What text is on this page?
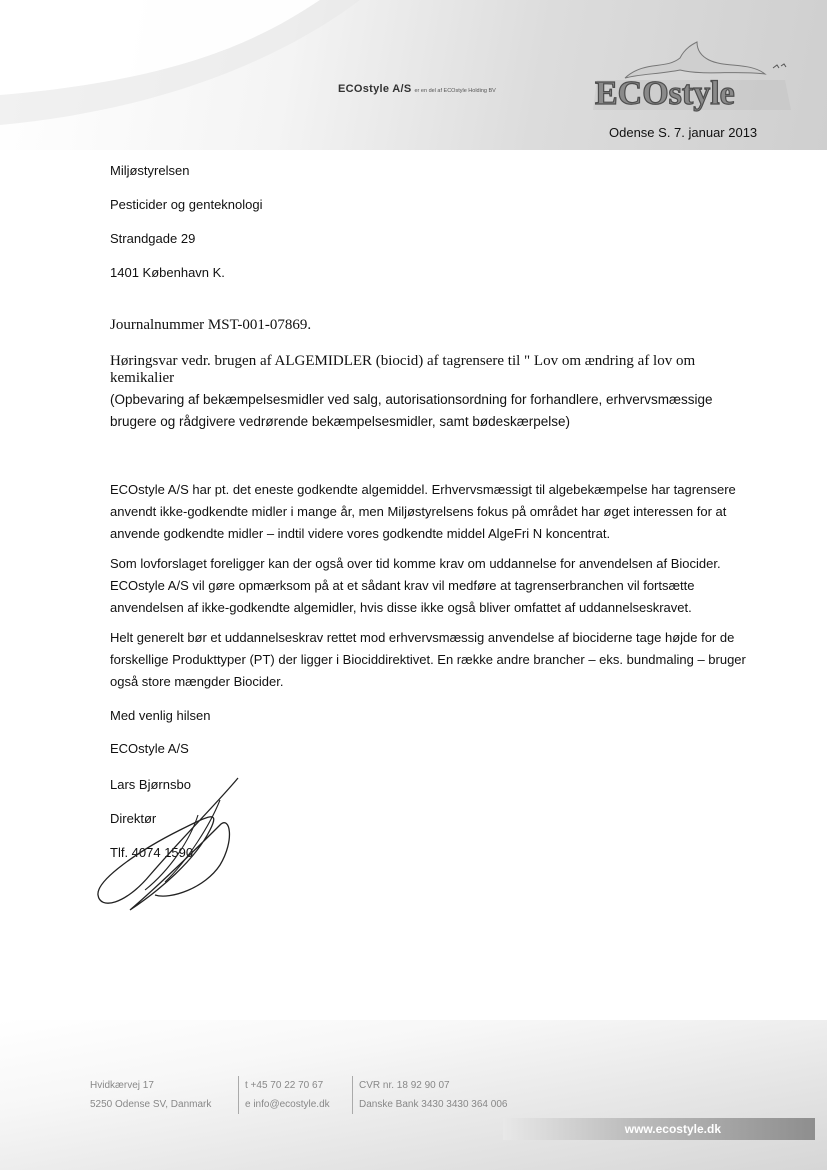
ECOstyle A/S er en del af ECOstyle Holding BV	ECOstyle
Odense S. 7. januar 2013
Miljøstyrelsen
Pesticider og genteknologi
Strandgade 29
1401 København K.
Journalnummer MST-001-07869.
Høringsvar vedr. brugen af ALGEMIDLER (biocid) af tagrensere til " Lov om ændring af lov om kemikalier
(Opbevaring af bekæmpelsesmidler ved salg, autorisationsordning for forhandlere, erhvervsmæssige brugere og rådgivere vedrørende bekæmpelsesmidler, samt bødeskærpelse)
ECOstyle A/S har pt. det eneste godkendte algemiddel. Erhvervsmæssigt til algebekæmpelse har tagrensere anvendt ikke-godkendte midler i mange år, men Miljøstyrelsens fokus på området har øget interessen for at anvende godkendte midler – indtil videre vores godkendte middel AlgeFri N koncentrat.
Som lovforslaget foreligger kan der også over tid komme krav om uddannelse for anvendelsen af Biocider. ECOstyle A/S vil gøre opmærksom på at et sådant krav vil medføre at tagrenserbranchen vil fortsætte anvendelsen af ikke-godkendte algemidler, hvis disse ikke også bliver omfattet af uddannelseskravet.
Helt generelt bør et uddannelseskrav rettet mod erhvervsmæssig anvendelse af biociderne tage højde for de forskellige Produkttyper (PT) der ligger i Biociddirektivet. En række andre brancher – eks. bundmaling – bruger også store mængder Biocider.
Med venlig hilsen
ECOstyle A/S
Lars Bjørnsbo
Direktør
Tlf. 4074 1590
Hvidkærvej 17
5250 Odense SV, Danmark
t +45 70 22 70 67
e info@ecostyle.dk
CVR nr. 18 92 90 07
Danske Bank 3430 3430 364 006
www.ecostyle.dk
